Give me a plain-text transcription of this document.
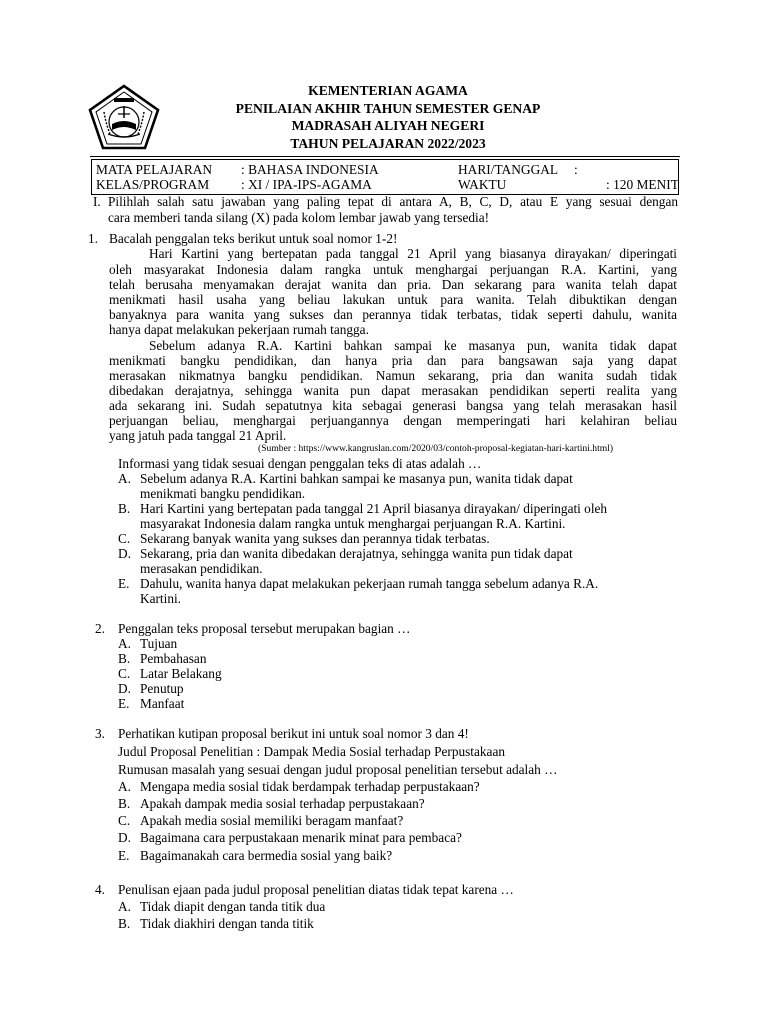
KEMENTERIAN AGAMA
PENILAIAN AKHIR TAHUN SEMESTER GENAP
MADRASAH ALIYAH NEGERI
TAHUN PELAJARAN 2022/2023
MATA PELAJARAN : BAHASA INDONESIA	HARI/TANGGAL :
KELAS/PROGRAM : XI / IPA-IPS-AGAMA	WAKTU	: 120 MENIT
I. Pilihlah salah satu jawaban yang paling tepat di antara A, B, C, D, atau E yang sesuai dengan
cara memberi tanda silang (X) pada kolom lembar jawab yang tersedia!
1. Bacalah penggalan teks berikut untuk soal nomor 1-2!
Hari Kartini yang bertepatan pada tanggal 21 April yang biasanya dirayakan/ diperingati
oleh masyarakat Indonesia dalam rangka untuk menghargai perjuangan R.A. Kartini, yang
telah berusaha menyamakan derajat wanita dan pria. Dan sekarang para wanita telah dapat
menikmati hasil usaha yang beliau lakukan untuk para wanita. Telah dibuktikan dengan
banyaknya para wanita yang sukses dan perannya tidak terbatas, tidak seperti dahulu, wanita
hanya dapat melakukan pekerjaan rumah tangga.
Sebelum adanya R.A. Kartini bahkan sampai ke masanya pun, wanita tidak dapat
menikmati bangku pendidikan, dan hanya pria dan para bangsawan saja yang dapat
merasakan nikmatnya bangku pendidikan. Namun sekarang, pria dan wanita sudah tidak
dibedakan derajatnya, sehingga wanita pun dapat merasakan pendidikan seperti realita yang
ada sekarang ini. Sudah sepatutnya kita sebagai generasi bangsa yang telah merasakan hasil
perjuangan beliau, menghargai perjuangannya dengan memperingati hari kelahiran beliau
yang jatuh pada tanggal 21 April.
(Sumber : https://www.kangruslan.com/2020/03/contoh-proposal-kegiatan-hari-kartini.html)
Informasi yang tidak sesuai dengan penggalan teks di atas adalah …
A. Sebelum adanya R.A. Kartini bahkan sampai ke masanya pun, wanita tidak dapat
menikmati bangku pendidikan.
B. Hari Kartini yang bertepatan pada tanggal 21 April biasanya dirayakan/ diperingati oleh
masyarakat Indonesia dalam rangka untuk menghargai perjuangan R.A. Kartini.
C. Sekarang banyak wanita yang sukses dan perannya tidak terbatas.
D. Sekarang, pria dan wanita dibedakan derajatnya, sehingga wanita pun tidak dapat
merasakan pendidikan.
E. Dahulu, wanita hanya dapat melakukan pekerjaan rumah tangga sebelum adanya R.A.
Kartini.
2. Penggalan teks proposal tersebut merupakan bagian …
A. Tujuan
B. Pembahasan
C. Latar Belakang
D. Penutup
E. Manfaat
3. Perhatikan kutipan proposal berikut ini untuk soal nomor 3 dan 4!
Judul Proposal Penelitian : Dampak Media Sosial terhadap Perpustakaan
Rumusan masalah yang sesuai dengan judul proposal penelitian tersebut adalah …
A. Mengapa media sosial tidak berdampak terhadap perpustakaan?
B. Apakah dampak media sosial terhadap perpustakaan?
C. Apakah media sosial memiliki beragam manfaat?
D. Bagaimana cara perpustakaan menarik minat para pembaca?
E. Bagaimanakah cara bermedia sosial yang baik?
4. Penulisan ejaan pada judul proposal penelitian diatas tidak tepat karena …
A. Tidak diapit dengan tanda titik dua
B. Tidak diakhiri dengan tanda titik
